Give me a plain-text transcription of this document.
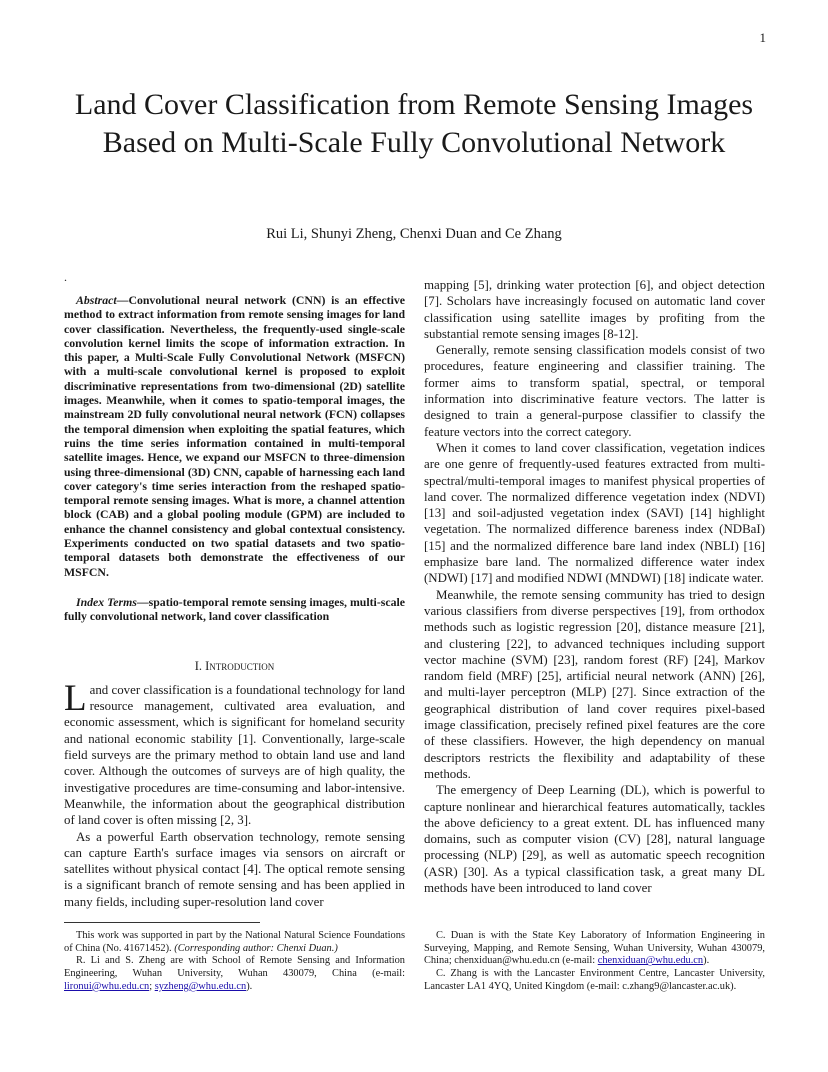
1
Land Cover Classification from Remote Sensing Images Based on Multi-Scale Fully Convolutional Network
Rui Li, Shunyi Zheng, Chenxi Duan and Ce Zhang
.

Abstract—Convolutional neural network (CNN) is an effective method to extract information from remote sensing images for land cover classification. Nevertheless, the frequently-used single-scale convolution kernel limits the scope of information extraction. In this paper, a Multi-Scale Fully Convolutional Network (MSFCN) with a multi-scale convolutional kernel is proposed to exploit discriminative representations from two-dimensional (2D) satellite images. Meanwhile, when it comes to spatio-temporal images, the mainstream 2D fully convolutional neural network (FCN) collapses the temporal dimension when exploiting the spatial features, which ruins the time series information contained in multi-temporal satellite images. Hence, we expand our MSFCN to three-dimension using three-dimensional (3D) CNN, capable of harnessing each land cover category's time series interaction from the reshaped spatio-temporal remote sensing images. What is more, a channel attention block (CAB) and a global pooling module (GPM) are included to enhance the channel consistency and global contextual consistency. Experiments conducted on two spatial datasets and two spatio-temporal datasets both demonstrate the effectiveness of our MSFCN.

Index Terms—spatio-temporal remote sensing images, multi-scale fully convolutional network, land cover classification

I. Introduction

Land cover classification is a foundational technology for land resource management, cultivated area evaluation, and economic assessment, which is significant for homeland security and national economic stability [1]. Conventionally, large-scale field surveys are the primary method to obtain land use and land cover. Although the outcomes of surveys are of high quality, the investigative procedures are time-consuming and labor-intensive. Meanwhile, the information about the geographical distribution of land cover is often missing [2, 3].

As a powerful Earth observation technology, remote sensing can capture Earth's surface images via sensors on aircraft or satellites without physical contact [4]. The optical remote sensing is a significant branch of remote sensing and has been applied in many fields, including super-resolution land cover

mapping [5], drinking water protection [6], and object detection [7]. Scholars have increasingly focused on automatic land cover classification using satellite images by profiting from the substantial remote sensing images [8-12].

Generally, remote sensing classification models consist of two procedures, feature engineering and classifier training. The former aims to transform spatial, spectral, or temporal information into discriminative feature vectors. The latter is designed to train a general-purpose classifier to classify the feature vectors into the correct category.

When it comes to land cover classification, vegetation indices are one genre of frequently-used features extracted from multi-spectral/multi-temporal images to manifest physical properties of land cover. The normalized difference vegetation index (NDVI) [13] and soil-adjusted vegetation index (SAVI) [14] highlight vegetation. The normalized difference bareness index (NDBaI) [15] and the normalized difference bare land index (NBLI) [16] emphasize bare land. The normalized difference water index (NDWI) [17] and modified NDWI (MNDWI) [18] indicate water.

Meanwhile, the remote sensing community has tried to design various classifiers from diverse perspectives [19], from orthodox methods such as logistic regression [20], distance measure [21], and clustering [22], to advanced techniques including support vector machine (SVM) [23], random forest (RF) [24], Markov random field (MRF) [25], artificial neural network (ANN) [26], and multi-layer perceptron (MLP) [27]. Since extraction of the geographical distribution of land cover requires pixel-based image classification, precisely refined pixel features are the core of these classifiers. However, the high dependency on manual descriptors restricts the flexibility and adaptability of these methods.

The emergency of Deep Learning (DL), which is powerful to capture nonlinear and hierarchical features automatically, tackles the above deficiency to a great extent. DL has influenced many domains, such as computer vision (CV) [28], natural language processing (NLP) [29], as well as automatic speech recognition (ASR) [30]. As a typical classification task, a great many DL methods have been introduced to land cover

This work was supported in part by the National Natural Science Foundations of China (No. 41671452). (Corresponding author: Chenxi Duan.)

R. Li and S. Zheng are with School of Remote Sensing and Information Engineering, Wuhan University, Wuhan 430079, China (e-mail: lironui@whu.edu.cn; syzheng@whu.edu.cn).

C. Duan is with the State Key Laboratory of Information Engineering in Surveying, Mapping, and Remote Sensing, Wuhan University, Wuhan 430079, China; chenxiduan@whu.edu.cn (e-mail: chenxiduan@whu.edu.cn).

C. Zhang is with the Lancaster Environment Centre, Lancaster University, Lancaster LA1 4YQ, United Kingdom (e-mail: c.zhang9@lancaster.ac.uk).
